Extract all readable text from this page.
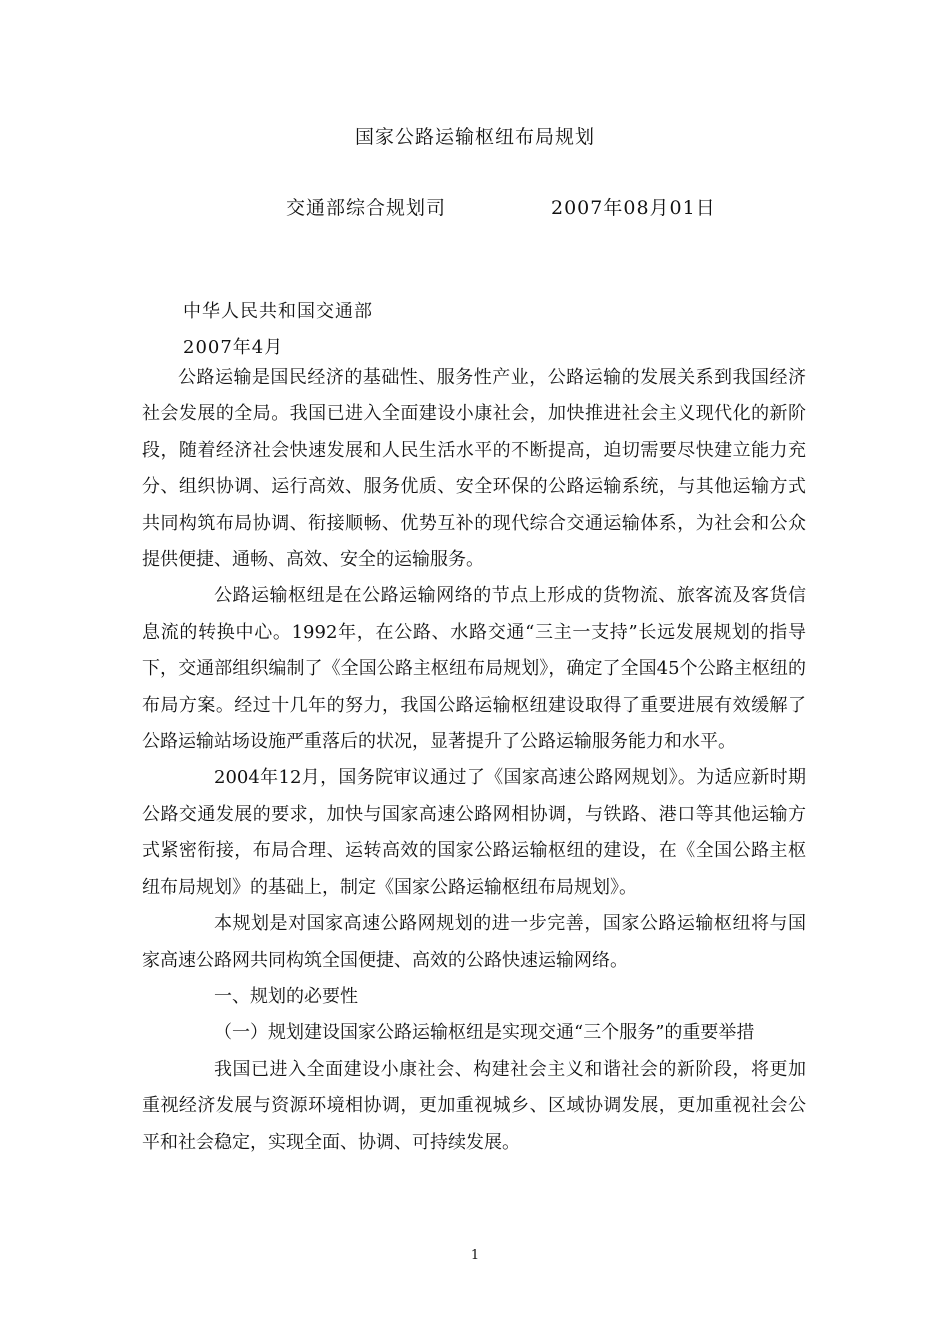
国家公路运输枢纽布局规划
交通部综合规划司	2007年08月01日
中华人民共和国交通部
2007年4月

公路运输是国民经济的基础性、服务性产业，公路运输的发展关系到我国经济社会发展的全局。我国已进入全面建设小康社会，加快推进社会主义现代化的新阶段，随着经济社会快速发展和人民生活水平的不断提高，迫切需要尽快建立能力充分、组织协调、运行高效、服务优质、安全环保的公路运输系统，与其他运输方式共同构筑布局协调、衔接顺畅、优势互补的现代综合交通运输体系，为社会和公众提供便捷、通畅、高效、安全的运输服务。

公路运输枢纽是在公路运输网络的节点上形成的货物流、旅客流及客货信息流的转换中心。1992年，在公路、水路交通“三主一支持”长远发展规划的指导下，交通部组织编制了《全国公路主枢纽布局规划》，确定了全国45个公路主枢纽的布局方案。经过十几年的努力，我国公路运输枢纽建设取得了重要进展有效缓解了公路运输站场设施严重落后的状况，显著提升了公路运输服务能力和水平。

2004年12月，国务院审议通过了《国家高速公路网规划》。为适应新时期公路交通发展的要求，加快与国家高速公路网相协调，与铁路、港口等其他运输方式紧密衔接，布局合理、运转高效的国家公路运输枢纽的建设，在《全国公路主枢纽布局规划》的基础上，制定《国家公路运输枢纽布局规划》。

本规划是对国家高速公路网规划的进一步完善，国家公路运输枢纽将与国家高速公路网共同构筑全国便捷、高效的公路快速运输网络。

一、规划的必要性

（一）规划建设国家公路运输枢纽是实现交通“三个服务”的重要举措

我国已进入全面建设小康社会、构建社会主义和谐社会的新阶段，将更加重视经济发展与资源环境相协调，更加重视城乡、区域协调发展，更加重视社会公平和社会稳定，实现全面、协调、可持续发展。

1
